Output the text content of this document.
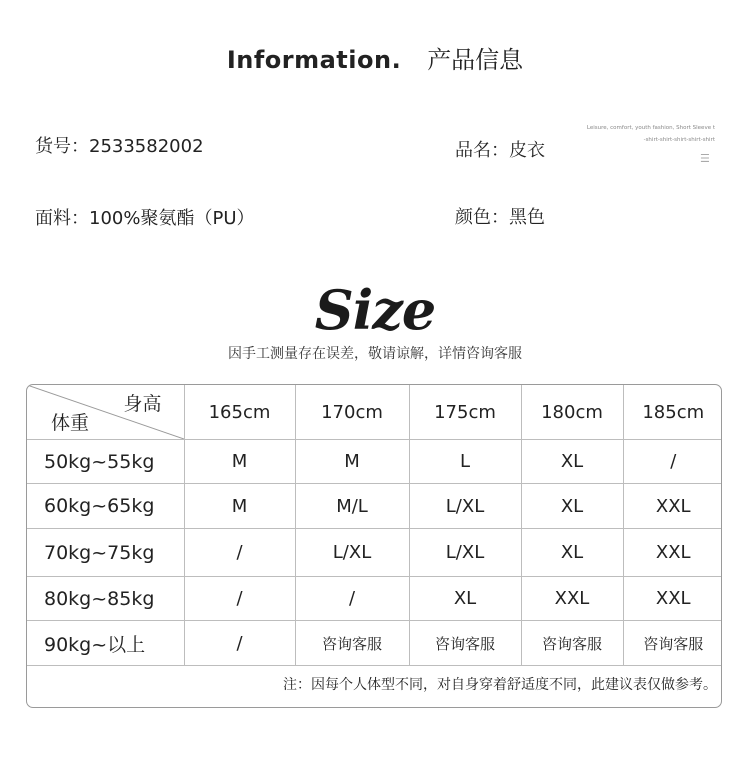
Information. 产品信息
货号：2533582002	品名：皮衣
面料：100%聚氨酯（PU）	颜色：黑色
Leisure, comfort, youth fashion, Short Sleeve t
-shirt-shirt-shirt-shirt-shirt
☰
Size
因手工测量存在误差，敬请谅解，详情咨询客服
身高
体重	165cm	170cm	175cm	180cm	185cm
50kg~55kg	M	M	L	XL	/
60kg~65kg	M	M/L	L/XL	XL	XXL
70kg~75kg	/	L/XL	L/XL	XL	XXL
80kg~85kg	/	/	XL	XXL	XXL
90kg~以上	/	咨询客服	咨询客服	咨询客服	咨询客服
注：因每个人体型不同，对自身穿着舒适度不同，此建议表仅做参考。
